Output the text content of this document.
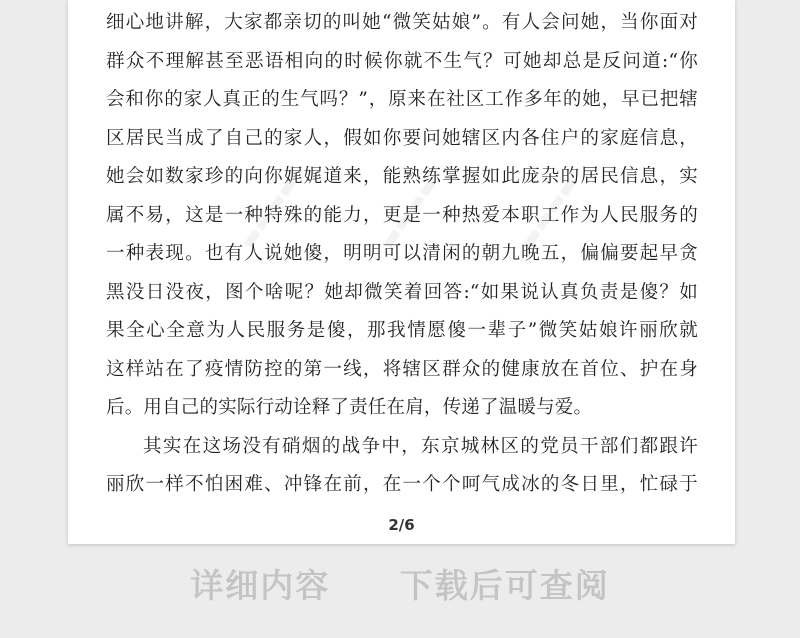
▬▬▬▬	▬▬▬▬	▬▬▬▬
细心地讲解，大家都亲切的叫她“微笑姑娘”。有人会问她，当你面对
群众不理解甚至恶语相向的时候你就不生气？可她却总是反问道:“你
会和你的家人真正的生气吗？”，原来在社区工作多年的她，早已把辖
区居民当成了自己的家人，假如你要问她辖区内各住户的家庭信息，
她会如数家珍的向你娓娓道来，能熟练掌握如此庞杂的居民信息，实
属不易，这是一种特殊的能力，更是一种热爱本职工作为人民服务的
一种表现。也有人说她傻，明明可以清闲的朝九晚五，偏偏要起早贪
黑没日没夜，图个啥呢？她却微笑着回答:“如果说认真负责是傻？如
果全心全意为人民服务是傻，那我情愿傻一辈子”微笑姑娘许丽欣就
这样站在了疫情防控的第一线，将辖区群众的健康放在首位、护在身
后。用自己的实际行动诠释了责任在肩，传递了温暖与爱。
其实在这场没有硝烟的战争中，东京城林区的党员干部们都跟许
丽欣一样不怕困难、冲锋在前，在一个个呵气成冰的冬日里，忙碌于
2/6
详细内容 下载后可查阅
